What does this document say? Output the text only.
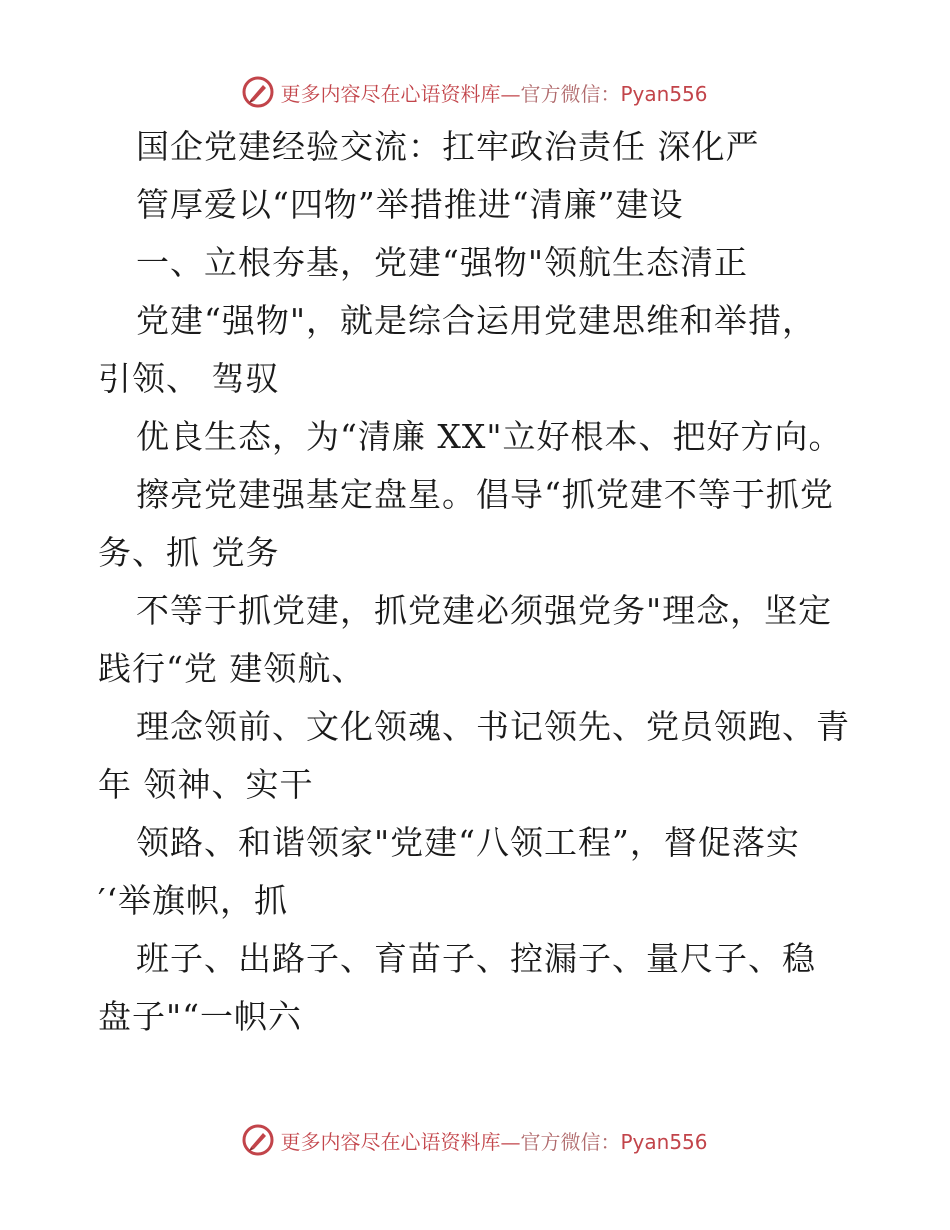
更多内容尽在心语资料库—官方微信：Pyan556
国企党建经验交流：扛牢政治责任 深化严
管厚爱以“四物”举措推进“清廉”建设
一、立根夯基，党建“强物"领航生态清正
党建“强物"，就是综合运用党建思维和举措，
引领、 驾驭
优良生态，为“清廉 XX"立好根本、把好方向。
擦亮党建强基定盘星。倡导“抓党建不等于抓党
务、抓 党务
不等于抓党建，抓党建必须强党务"理念，坚定
践行“党 建领航、
理念领前、文化领魂、书记领先、党员领跑、青
年 领神、实干
领路、和谐领家"党建“八领工程”，督促落实
′‘举旗帜，抓
班子、出路子、育苗子、控漏子、量尺子、稳
盘子"“一帜六
更多内容尽在心语资料库—官方微信：Pyan556
